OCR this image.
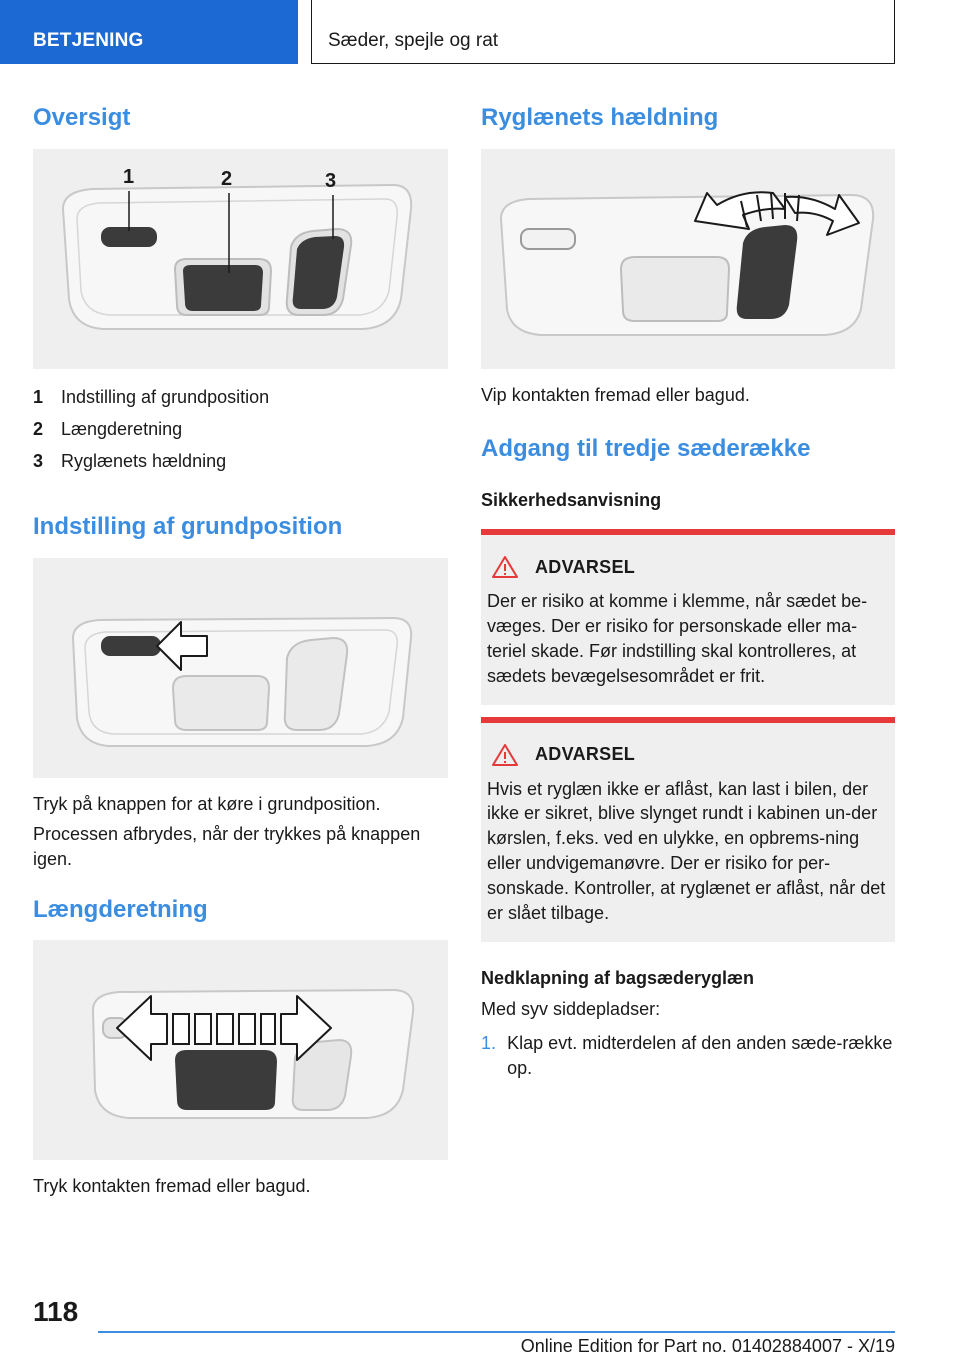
BETJENING	Sæder, spejle og rat
Oversigt
1	2	3
1 Indstilling af grundposition
2 Længderetning
3 Ryglænets hældning
Indstilling af grundposition

Tryk på knappen for at køre i grundposition.

Processen afbrydes, når der trykkes på knappen igen.

Længderetning

Tryk kontakten fremad eller bagud.

Ryglænets hældning

Vip kontakten fremad eller bagud.

Adgang til tredje sæderække
Sikkerhedsanvisning
ADVARSEL

Der er risiko at komme i klemme, når sædet be-væges. Der er risiko for personskade eller ma-teriel skade. Før indstilling skal kontrolleres, at sædets bevægelsesområdet er frit.

ADVARSEL

Hvis et ryglæn ikke er aflåst, kan last i bilen, der ikke er sikret, blive slynget rundt i kabinen un-der kørslen, f.eks. ved en ulykke, en opbrems-ning eller undvigemanøvre. Der er risiko for per-sonskade. Kontroller, at ryglænet er aflåst, når det er slået tilbage.

Nedklapning af bagsæderyglæn

Med syv siddepladser:

1. Klap evt. midterdelen af den anden sæde-række op.
118
Online Edition for Part no. 01402884007 - X/19
